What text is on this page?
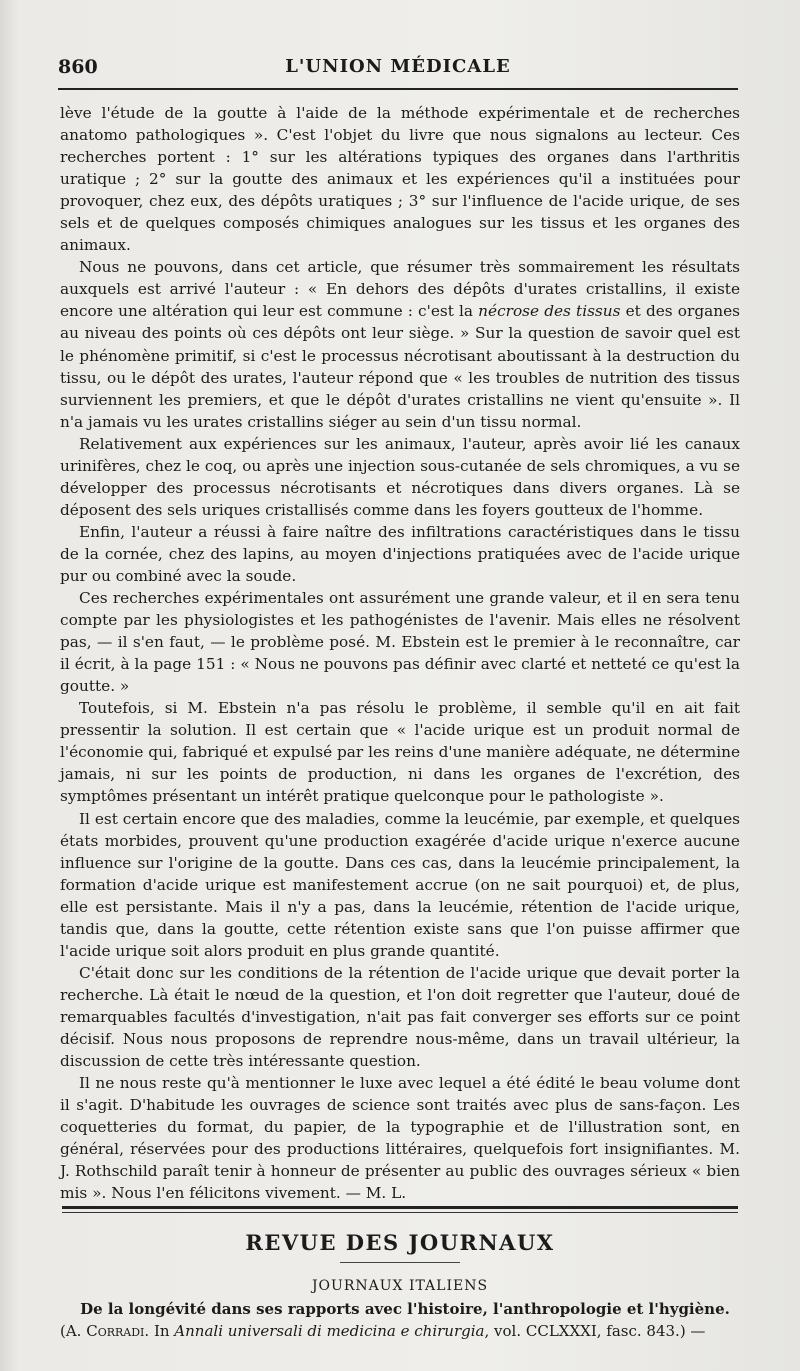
860	L'UNION MÉDICALE

lève l'étude de la goutte à l'aide de la méthode expérimentale et de recherches anatomo pathologiques ». C'est l'objet du livre que nous signalons au lecteur. Ces recherches portent : 1° sur les altérations typiques des organes dans l'arthritis uratique ; 2° sur la goutte des animaux et les expériences qu'il a instituées pour provoquer, chez eux, des dépôts uratiques ; 3° sur l'influence de l'acide urique, de ses sels et de quelques composés chimiques analogues sur les tissus et les organes des animaux.

Nous ne pouvons, dans cet article, que résumer très sommairement les résultats auxquels est arrivé l'auteur : « En dehors des dépôts d'urates cristallins, il existe encore une altération qui leur est commune : c'est la nécrose des tissus et des organes au niveau des points où ces dépôts ont leur siège. » Sur la question de savoir quel est le phénomène primitif, si c'est le processus nécrotisant aboutissant à la destruction du tissu, ou le dépôt des urates, l'auteur répond que « les troubles de nutrition des tissus surviennent les premiers, et que le dépôt d'urates cristallins ne vient qu'ensuite ». Il n'a jamais vu les urates cristallins siéger au sein d'un tissu normal.

Relativement aux expériences sur les animaux, l'auteur, après avoir lié les canaux urinifères, chez le coq, ou après une injection sous-cutanée de sels chromiques, a vu se développer des processus nécrotisants et nécrotiques dans divers organes. Là se déposent des sels uriques cristallisés comme dans les foyers goutteux de l'homme.

Enfin, l'auteur a réussi à faire naître des infiltrations caractéristiques dans le tissu de la cornée, chez des lapins, au moyen d'injections pratiquées avec de l'acide urique pur ou combiné avec la soude.

Ces recherches expérimentales ont assurément une grande valeur, et il en sera tenu compte par les physiologistes et les pathogénistes de l'avenir. Mais elles ne résolvent pas, — il s'en faut, — le problème posé. M. Ebstein est le premier à le reconnaître, car il écrit, à la page 151 : « Nous ne pouvons pas définir avec clarté et netteté ce qu'est la goutte. »

Toutefois, si M. Ebstein n'a pas résolu le problème, il semble qu'il en ait fait pressentir la solution. Il est certain que « l'acide urique est un produit normal de l'économie qui, fabriqué et expulsé par les reins d'une manière adéquate, ne détermine jamais, ni sur les points de production, ni dans les organes de l'excrétion, des symptômes présentant un intérêt pratique quelconque pour le pathologiste ».

Il est certain encore que des maladies, comme la leucémie, par exemple, et quelques états morbides, prouvent qu'une production exagérée d'acide urique n'exerce aucune influence sur l'origine de la goutte. Dans ces cas, dans la leucémie principalement, la formation d'acide urique est manifestement accrue (on ne sait pourquoi) et, de plus, elle est persistante. Mais il n'y a pas, dans la leucémie, rétention de l'acide urique, tandis que, dans la goutte, cette rétention existe sans que l'on puisse affirmer que l'acide urique soit alors produit en plus grande quantité.

C'était donc sur les conditions de la rétention de l'acide urique que devait porter la recherche. Là était le nœud de la question, et l'on doit regretter que l'auteur, doué de remarquables facultés d'investigation, n'ait pas fait converger ses efforts sur ce point décisif. Nous nous proposons de reprendre nous-même, dans un travail ultérieur, la discussion de cette très intéressante question.

Il ne nous reste qu'à mentionner le luxe avec lequel a été édité le beau volume dont il s'agit. D'habitude les ouvrages de science sont traités avec plus de sans-façon. Les coquetteries du format, du papier, de la typographie et de l'illustration sont, en général, réservées pour des productions littéraires, quelquefois fort insignifiantes. M. J. Rothschild paraît tenir à honneur de présenter au public des ouvrages sérieux « bien mis ». Nous l'en félicitons vivement. — M. L.

REVUE DES JOURNAUX
JOURNAUX ITALIENS
De la longévité dans ses rapports avec l'histoire, l'anthropologie et l'hygiène.
(A. Corradi. In Annali universali di medicina e chirurgia, vol. CCLXXXI, fasc. 843.) —
